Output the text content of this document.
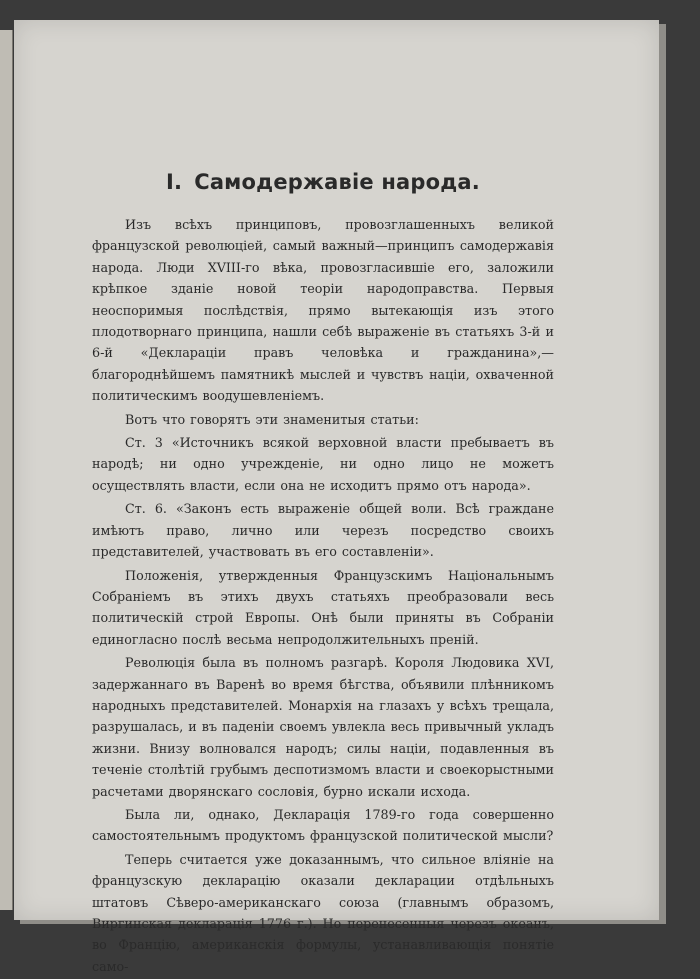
I. Самодержавіе народа.

Изъ всѣхъ принциповъ, провозглашенныхъ великой французской революціей, самый важный—принципъ самодержавія народа. Люди XVIII-го вѣка, провозгласившіе его, заложили крѣпкое зданіе новой теоріи народоправства. Первыя неоспоримыя послѣдствія, прямо вытекающія изъ этого плодотворнаго принципа, нашли себѣ выраженіе въ статьяхъ 3-й и 6-й «Декларацiи правъ человѣка и гражданина»,—благороднѣйшемъ памятникѣ мыслей и чувствъ націи, охваченной политическимъ воодушевленіемъ.

Вотъ что говорятъ эти знаменитыя статьи:

Ст. 3 «Источникъ всякой верховной власти пребываетъ въ народѣ; ни одно учрежденіе, ни одно лицо не можетъ осуществлять власти, если она не исходитъ прямо отъ народа».

Ст. 6. «Законъ есть выраженіе общей воли. Всѣ граждане имѣютъ право, лично или черезъ посредство своихъ представителей, участвовать въ его составленіи».

Положенія, утвержденныя Французскимъ Національнымъ Собраніемъ въ этихъ двухъ статьяхъ преобразовали весь политическій строй Европы. Онѣ были приняты въ Собраніи единогласно послѣ весьма непродолжительныхъ преній.

Революція была въ полномъ разгарѣ. Короля Людовика XVI, задержаннаго въ Варенѣ во время бѣгства, объявили плѣнникомъ народныхъ представителей. Монархія на глазахъ у всѣхъ трещала, разрушалась, и въ паденіи своемъ увлекла весь привычный укладъ жизни. Внизу волновался народъ; силы націи, подавленныя въ теченіе столѣтій грубымъ деспотизмомъ власти и своекорыстными расчетами дворянскаго сословія, бурно искали исхода.

Была ли, однако, Декларація 1789-го года совершенно самостоятельнымъ продуктомъ французской политической мысли?

Теперь считается уже доказаннымъ, что сильное вліяніе на французскую декларацію оказали декларации отдѣльныхъ штатовъ Сѣверо-американскаго союза (главнымъ образомъ, Виргинская декларація 1776 г.). Но перенесенныя черезъ океанъ, во Францію, американскія формулы, устанавливающія понятіе само-
